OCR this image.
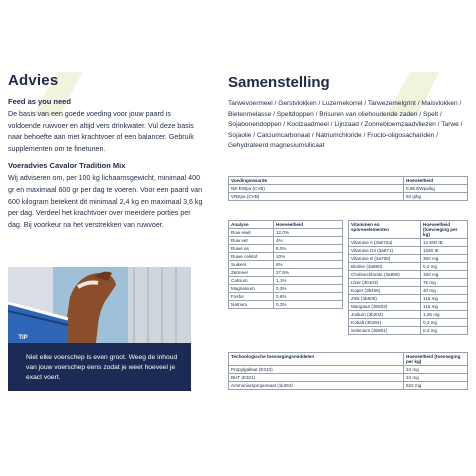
Advies
Feed as you need
De basis van een goede voeding voor jouw paard is voldoende ruwvoer en altijd vers drinkwater. Vul deze basis naar behoefte aan met krachtvoer of een balancer. Gebruik supplementen om te finetunen.
Voeradvies Cavalor Tradition Mix
Wij adviseren om, per 100 kg lichaamsgewicht, minimaal 400 gr en maximaal 600 gr per dag te voeren. Voor een paard van 600 kilogram betekent dit minimaal 2,4 kg en maximaal 3,6 kg per dag. Verdeel het krachtvoer over meerdere porties per dag. Bij voorkeur na het verstrekken van ruwvoer.
TIP
Niet elke voerschep is even groot. Weeg de inhoud van jouw voerschep eens zodat je weet hoeveel je exact voert.
Samenstelling
Tarwevoermeel / Gerstvlokken / Luzernekorrel / Tarwezemelgrint / Maisvlokken / Bietenmelasse / Speltdoppen / Brisuren van oliehoudende zaden / Spelt / Sojabonendoppen / Koolzaadmeel / Lijnzaad / Zonnebloemzaadvliezen / Tarwe / Sojaolie / Calciumcarbonaat / Natriumchloride / Fructo-oligosachariden / Gehydrateerd magnesiumsilicaat
Voedingswaarde	Hoeveelheid
NE EWpa (CVB)	0,85 EWpa/kg
VREpa (CVB)	92 g/kg
Analyse	Hoeveelheid
Ruw eiwit	12,0%
Ruw vet	4%
Ruwe as	8,0%
Ruwe celstof	10%
Suikers	6%
Zetmeel	27,5%
Calcium	1,1%
Magnesium	0,3%
Fosfor	0,6%
Natrium	0,3%
Vitaminen en sporenelementen	Hoeveelheid (toevoeging per kg)
Vitamine A (3a672a)	12 500 IE
Vitamine D3 (3a671)	1250 IE
Vitamine E (3a700)	300 mg
Biotine (3a880)	0,2 mg
Cholinechloride (3a890)	160 mg
IJzer (3b103)	75 mg
Koper (3b405)	40 mg
Zink (3b605)	115 mg
Mangaan (3b503)	115 mg
Jodium (3b202)	1,25 mg
Kobalt (3b304)	0,3 mg
Selenium (3b801)	0,4 mg
Technologische toevoegingsmiddelen	Hoeveelheid (toevoeging per kg)
Propylgallaat (E310)	24 mg
BHT (E321)	24 mg
Ammoniumpropionaat (1k284)	522 mg
